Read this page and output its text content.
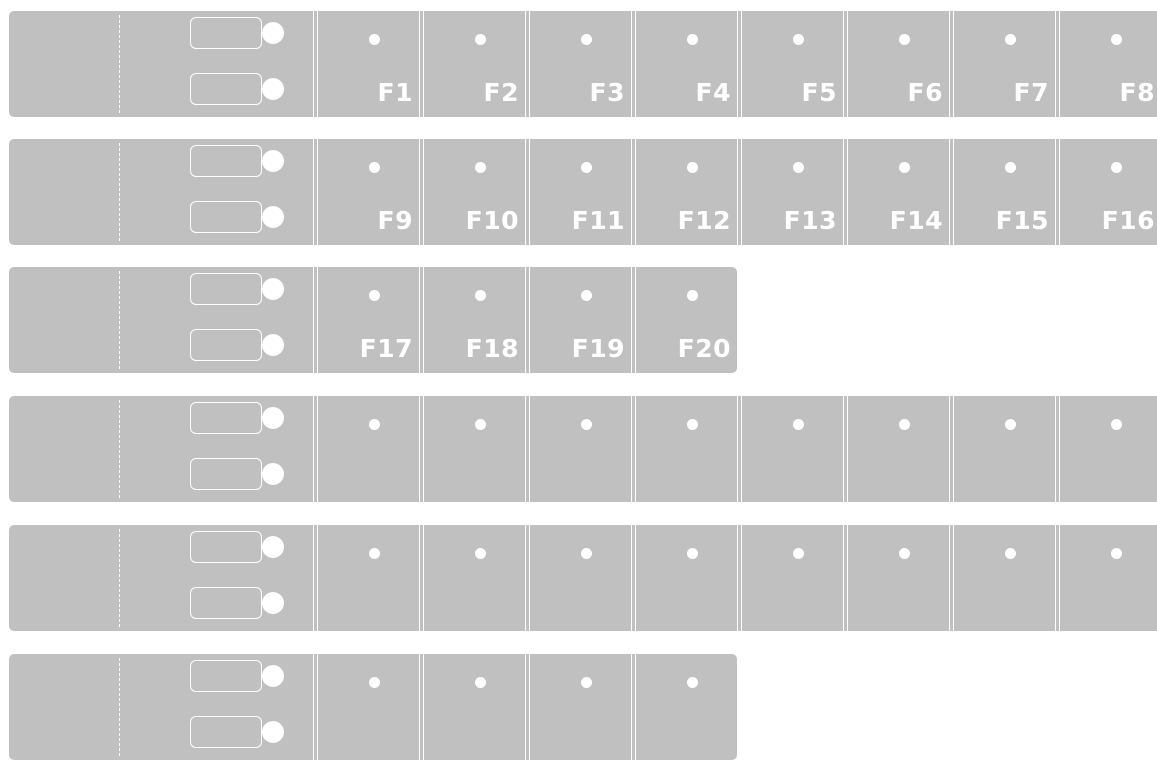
F1	F2	F3	F4	F5	F6	F7	F8
F9 F10 F11 F12 F13 F14 F15 F16
F17 F18 F19 F20
